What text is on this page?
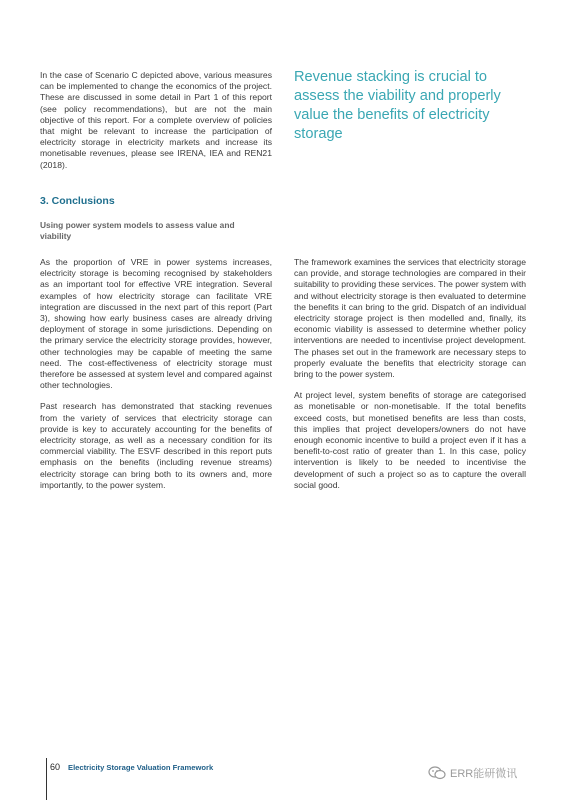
In the case of Scenario C depicted above, various measures can be implemented to change the economics of the project. These are discussed in some detail in Part 1 of this report (see policy recommendations), but are not the main objective of this report. For a complete overview of policies that might be relevant to increase the participation of electricity storage in electricity markets and increase its monetisable revenues, please see IRENA, IEA and REN21 (2018).

Revenue stacking is crucial to assess the viability and properly value the benefits of electricity storage
3. Conclusions
Using power system models to assess value and viability

As the proportion of VRE in power systems increases, electricity storage is becoming recognised by stakeholders as an important tool for effective VRE integration. Several examples of how electricity storage can facilitate VRE integration are discussed in the next part of this report (Part 3), showing how early business cases are already driving deployment of storage in some jurisdictions. Depending on the primary service the electricity storage provides, however, other technologies may be capable of meeting the same need. The cost-effectiveness of electricity storage must therefore be assessed at system level and compared against other technologies.

Past research has demonstrated that stacking revenues from the variety of services that electricity storage can provide is key to accurately accounting for the benefits of electricity storage, as well as a necessary condition for its commercial viability. The ESVF described in this report puts emphasis on the benefits (including revenue streams) electricity storage can bring both to its owners and, more importantly, to the power system.

The framework examines the services that electricity storage can provide, and storage technologies are compared in their suitability to providing these services. The power system with and without electricity storage is then evaluated to determine the benefits it can bring to the grid. Dispatch of an individual electricity storage project is then modelled and, finally, its economic viability is assessed to determine whether policy interventions are needed to incentivise project development. The phases set out in the framework are necessary steps to properly evaluate the benefits that electricity storage can bring to the power system.

At project level, system benefits of storage are categorised as monetisable or non-monetisable. If the total benefits exceed costs, but monetised benefits are less than costs, this implies that project developers/owners do not have enough economic incentive to build a project even if it has a benefit-to-cost ratio of greater than 1. In this case, policy intervention is likely to be needed to incentivise the development of such a project so as to capture the overall social good.

60 Electricity Storage Valuation Framework
ERR能研微讯
